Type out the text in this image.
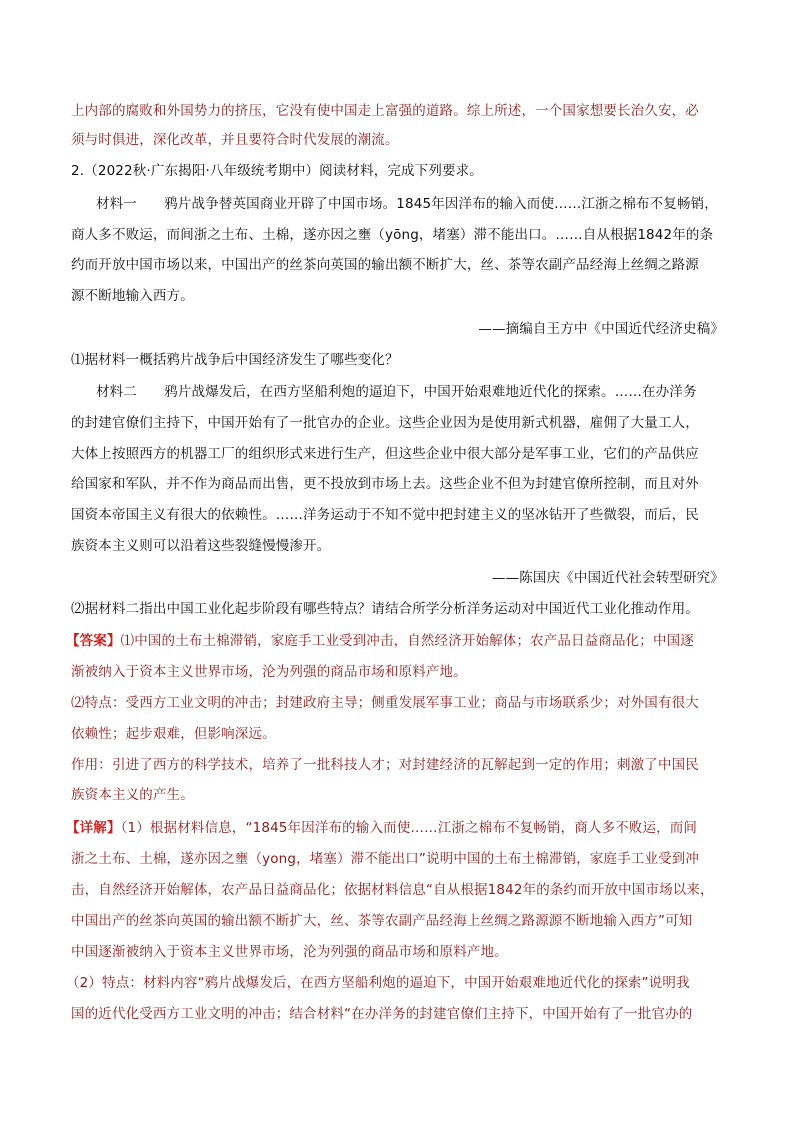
上内部的腐败和外国势力的挤压，它没有使中国走上富强的道路。综上所述，一个国家想要长治久安，必
须与时俱进，深化改革，并且要符合时代发展的潮流。
2.（2022秋·广东揭阳·八年级统考期中）阅读材料，完成下列要求。
材料一　　鸦片战争替英国商业开辟了中国市场。1845年因洋布的输入而使……江浙之棉布不复畅销，
商人多不败运，而间浙之土布、土棉，遂亦因之壅（yōng，堵塞）滞不能出口。……自从根据1842年的条
约而开放中国市场以来，中国出产的丝茶向英国的输出额不断扩大，丝、茶等农副产品经海上丝绸之路源
源不断地输入西方。
——摘编自王方中《中国近代经济史稿》
⑴据材料一概括鸦片战争后中国经济发生了哪些变化？
材料二　　鸦片战爆发后，在西方坚船利炮的逼迫下，中国开始艰难地近代化的探索。……在办洋务
的封建官僚们主持下，中国开始有了一批官办的企业。这些企业因为是使用新式机器，雇佣了大量工人，
大体上按照西方的机器工厂的组织形式来进行生产，但这些企业中很大部分是军事工业，它们的产品供应
给国家和军队，并不作为商品而出售，更不投放到市场上去。这些企业不但为封建官僚所控制，而且对外
国资本帝国主义有很大的依赖性。……洋务运动于不知不觉中把封建主义的坚冰钻开了些微裂，而后，民
族资本主义则可以沿着这些裂缝慢慢渗开。
——陈国庆《中国近代社会转型研究》
⑵据材料二指出中国工业化起步阶段有哪些特点？请结合所学分析洋务运动对中国近代工业化推动作用。
【答案】⑴中国的土布土棉滞销，家庭手工业受到冲击，自然经济开始解体；农产品日益商品化；中国逐
渐被纳入于资本主义世界市场，沦为列强的商品市场和原料产地。
⑵特点：受西方工业文明的冲击；封建政府主导；侧重发展军事工业；商品与市场联系少；对外国有很大
依赖性；起步艰难，但影响深远。
作用：引进了西方的科学技术，培养了一批科技人才；对封建经济的瓦解起到一定的作用；刺激了中国民
族资本主义的产生。
【详解】（1）根据材料信息，“1845年因洋布的输入而使……江浙之棉布不复畅销，商人多不败运，而间
浙之土布、土棉，遂亦因之壅（yong，堵塞）滞不能出口”说明中国的土布土棉滞销，家庭手工业受到冲
击，自然经济开始解体，农产品日益商品化；依据材料信息“自从根据1842年的条约而开放中国市场以来，
中国出产的丝茶向英国的输出额不断扩大，丝、茶等农副产品经海上丝绸之路源源不断地输入西方”可知
中国逐渐被纳入于资本主义世界市场，沦为列强的商品市场和原料产地。
（2）特点：材料内容“鸦片战爆发后，在西方坚船利炮的逼迫下，中国开始艰难地近代化的探索”说明我
国的近代化受西方工业文明的冲击；结合材料“在办洋务的封建官僚们主持下，中国开始有了一批官办的
